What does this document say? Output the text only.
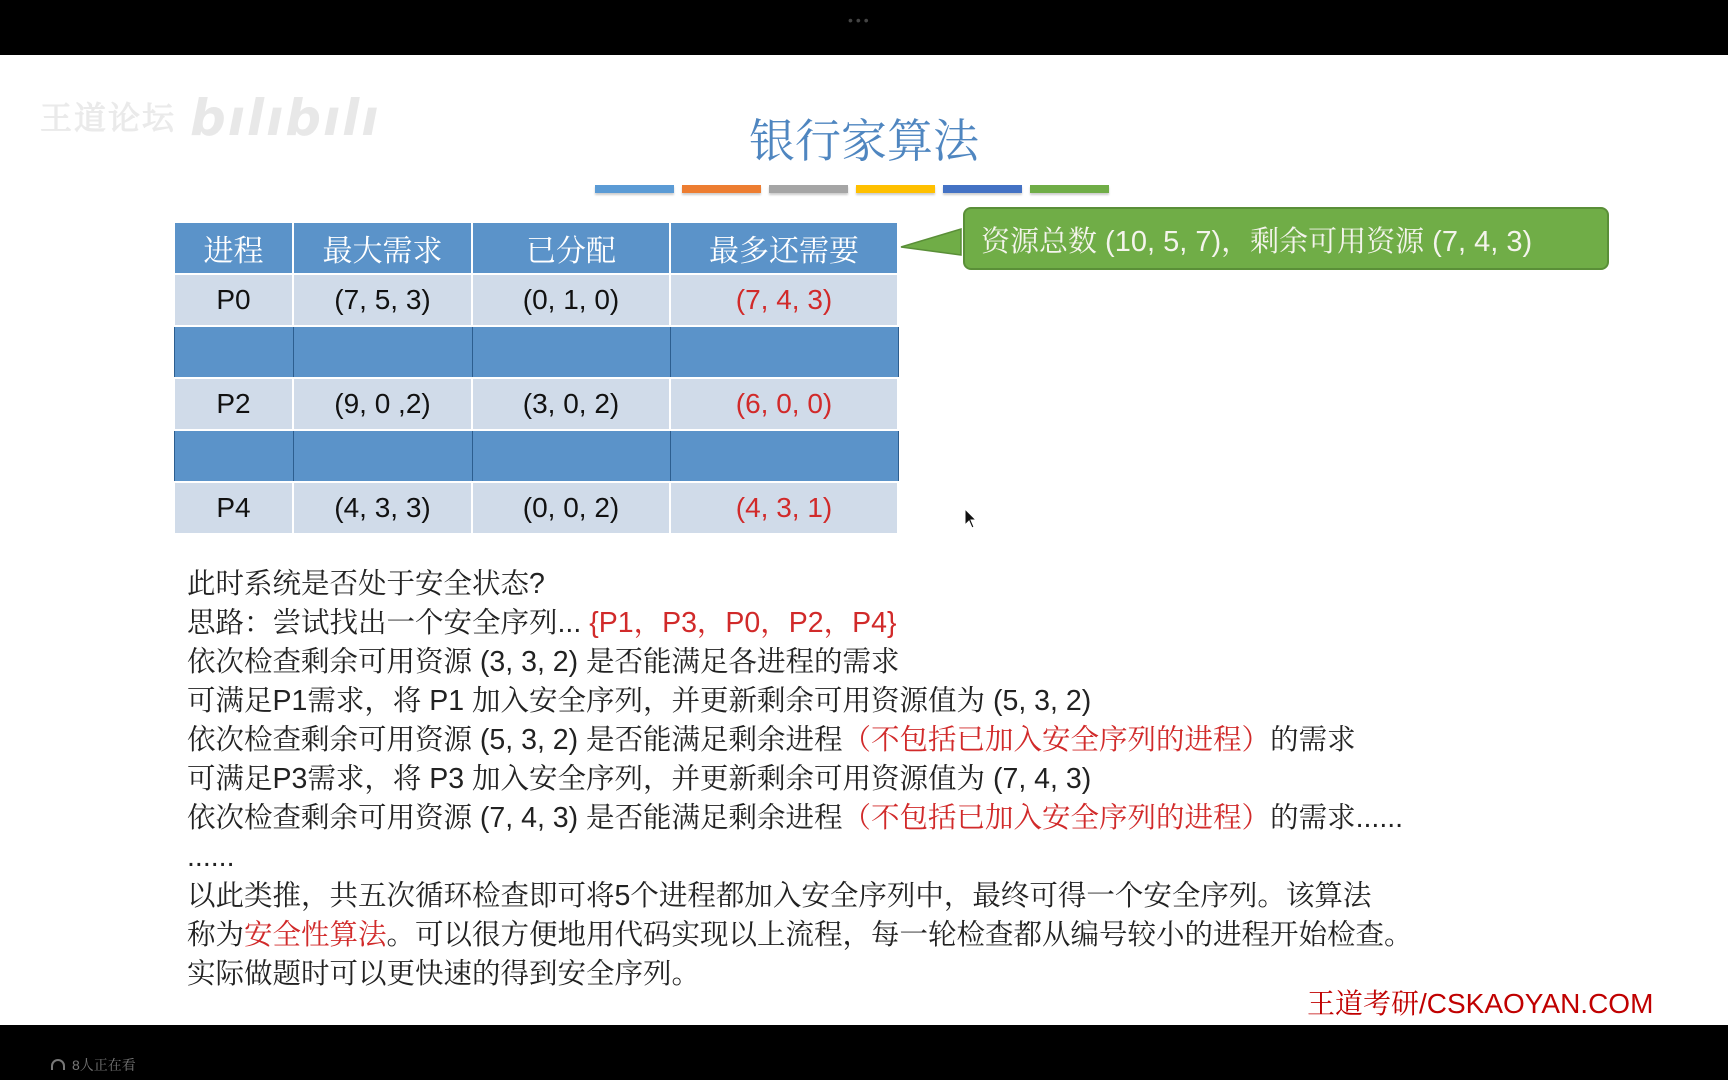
•••
王道论坛 bılıbılı	银行家算法
进程	最大需求	已分配	最多还需要
P0	(7, 5, 3)	(0, 1, 0)	(7, 4, 3)

P2	(9, 0 ,2)	(3, 0, 2)	(6, 0, 0)

P4	(4, 3, 3)	(0, 0, 2)	(4, 3, 1)
资源总数 (10, 5, 7)，剩余可用资源 (7, 4, 3)
此时系统是否处于安全状态?
思路：尝试找出一个安全序列... {P1，P3，P0，P2，P4}
依次检查剩余可用资源 (3, 3, 2) 是否能满足各进程的需求
可满足P1需求，将 P1 加入安全序列，并更新剩余可用资源值为 (5, 3, 2)
依次检查剩余可用资源 (5, 3, 2) 是否能满足剩余进程（不包括已加入安全序列的进程）的需求
可满足P3需求，将 P3 加入安全序列，并更新剩余可用资源值为 (7, 4, 3)
依次检查剩余可用资源 (7, 4, 3) 是否能满足剩余进程（不包括已加入安全序列的进程）的需求......
......
以此类推，共五次循环检查即可将5个进程都加入安全序列中，最终可得一个安全序列。该算法
称为安全性算法。可以很方便地用代码实现以上流程，每一轮检查都从编号较小的进程开始检查。
实际做题时可以更快速的得到安全序列。
王道考研/CSKAOYAN.COM
8人正在看
